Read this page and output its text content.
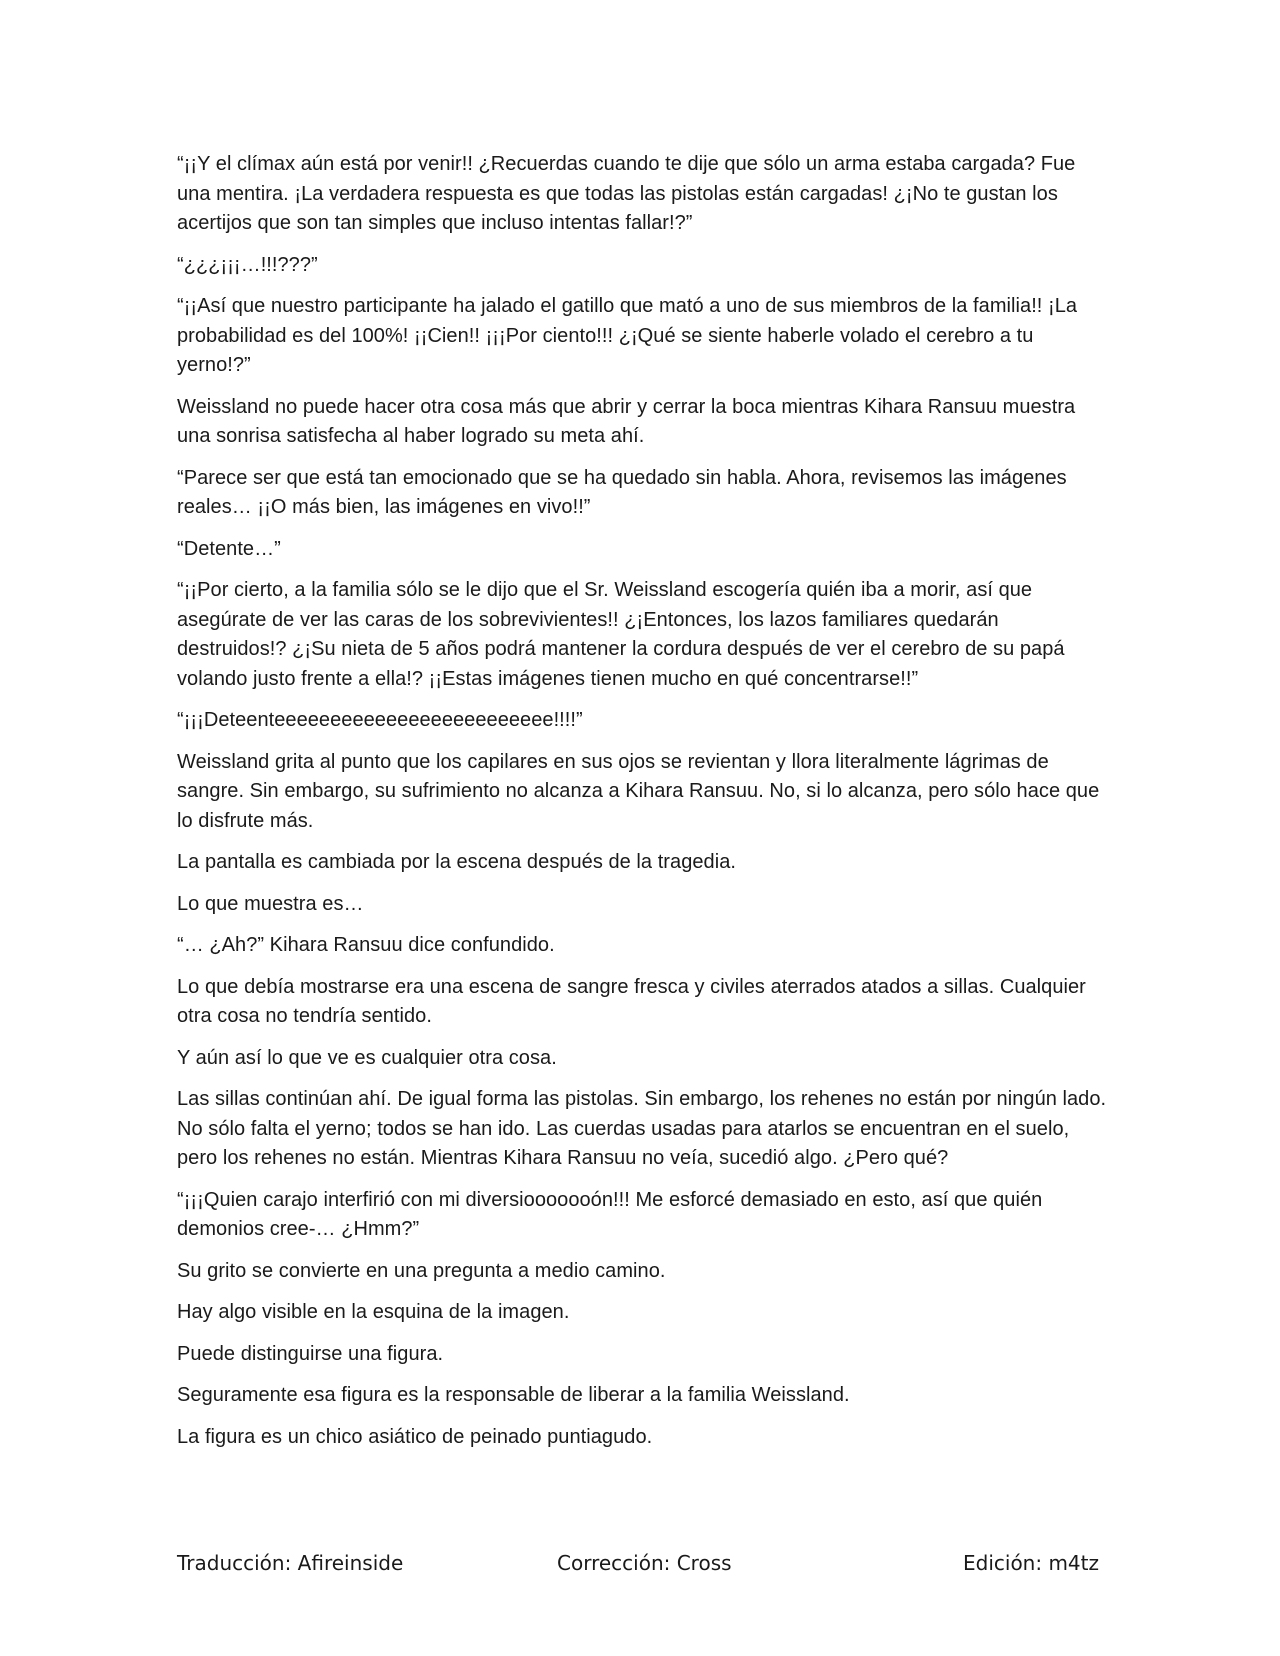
“¡¡Y el clímax aún está por venir!! ¿Recuerdas cuando te dije que sólo un arma estaba cargada? Fue una mentira. ¡La verdadera respuesta es que todas las pistolas están cargadas! ¿¡No te gustan los acertijos que son tan simples que incluso intentas fallar!?”

“¿¿¿¡¡¡…!!!???”

“¡¡Así que nuestro participante ha jalado el gatillo que mató a uno de sus miembros de la familia!! ¡La probabilidad es del 100%! ¡¡Cien!! ¡¡¡Por ciento!!! ¿¡Qué se siente haberle volado el cerebro a tu yerno!?”

Weissland no puede hacer otra cosa más que abrir y cerrar la boca mientras Kihara Ransuu muestra una sonrisa satisfecha al haber logrado su meta ahí.

“Parece ser que está tan emocionado que se ha quedado sin habla. Ahora, revisemos las imágenes reales… ¡¡O más bien, las imágenes en vivo!!”

“Detente…”

“¡¡Por cierto, a la familia sólo se le dijo que el Sr. Weissland escogería quién iba a morir, así que asegúrate de ver las caras de los sobrevivientes!! ¿¡Entonces, los lazos familiares quedarán destruidos!? ¿¡Su nieta de 5 años podrá mantener la cordura después de ver el cerebro de su papá volando justo frente a ella!? ¡¡Estas imágenes tienen mucho en qué concentrarse!!”

“¡¡¡Deteenteeeeeeeeeeeeeeeeeeeeeeeee!!!!”

Weissland grita al punto que los capilares en sus ojos se revientan y llora literalmente lágrimas de sangre. Sin embargo, su sufrimiento no alcanza a Kihara Ransuu. No, si lo alcanza, pero sólo hace que lo disfrute más.

La pantalla es cambiada por la escena después de la tragedia.

Lo que muestra es…

“… ¿Ah?” Kihara Ransuu dice confundido.

Lo que debía mostrarse era una escena de sangre fresca y civiles aterrados atados a sillas. Cualquier otra cosa no tendría sentido.

Y aún así lo que ve es cualquier otra cosa.

Las sillas continúan ahí. De igual forma las pistolas. Sin embargo, los rehenes no están por ningún lado. No sólo falta el yerno; todos se han ido. Las cuerdas usadas para atarlos se encuentran en el suelo, pero los rehenes no están. Mientras Kihara Ransuu no veía, sucedió algo. ¿Pero qué?

“¡¡¡Quien carajo interfirió con mi diversiooooooón!!! Me esforcé demasiado en esto, así que quién demonios cree-… ¿Hmm?”

Su grito se convierte en una pregunta a medio camino.

Hay algo visible en la esquina de la imagen.

Puede distinguirse una figura.

Seguramente esa figura es la responsable de liberar a la familia Weissland.

La figura es un chico asiático de peinado puntiagudo.

Traducción: Afireinside	Corrección: Cross	Edición: m4tz
